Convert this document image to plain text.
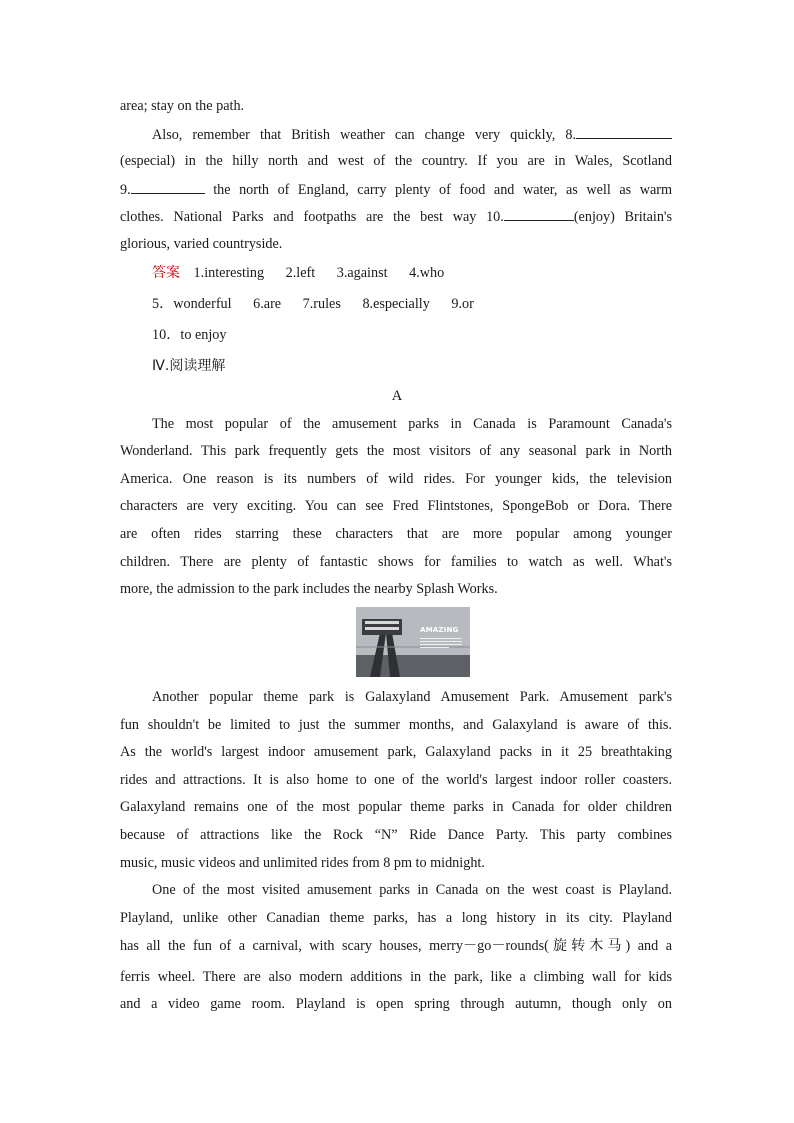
area; stay on the path.
Also, remember that British weather can change very quickly, 8.
(especial) in the hilly north and west of the country. If you are in Wales, Scotland
9.	the north of England, carry plenty of food and water, as well as warm
clothes. National Parks and footpaths are the best way 10.	(enjoy) Britain's
glorious, varied countryside.
答案 1.interesting 2.left 3.against 4.who
5．wonderful 6.are 7.rules 8.especially 9.or
10．to enjoy
Ⅳ.阅读理解
A
The most popular of the amusement parks in Canada is Paramount Canada's
Wonderland. This park frequently gets the most visitors of any seasonal park in North
America. One reason is its numbers of wild rides. For younger kids, the television
characters are very exciting. You can see Fred Flintstones, SpongeBob or Dora. There
are often rides starring these characters that are more popular among younger
children. There are plenty of fantastic shows for families to watch as well. What's
more, the admission to the park includes the nearby Splash Works.
AMAZING
Another popular theme park is Galaxyland Amusement Park. Amusement park's
fun shouldn't be limited to just the summer months, and Galaxyland is aware of this.
As the world's largest indoor amusement park, Galaxyland packs in it 25 breathtaking
rides and attractions. It is also home to one of the world's largest indoor roller coasters.
Galaxyland remains one of the most popular theme parks in Canada for older children
because of attractions like the Rock “N” Ride Dance Party. This party combines
music, music videos and unlimited rides from 8 pm to midnight.
One of the most visited amusement parks in Canada on the west coast is Playland.
Playland, unlike other Canadian theme parks, has a long history in its city. Playland
has all the fun of a carnival, with scary houses, merry－go－rounds(旋转木马) and a
ferris wheel. There are also modern additions in the park, like a climbing wall for kids
and a video game room. Playland is open spring through autumn, though only on
